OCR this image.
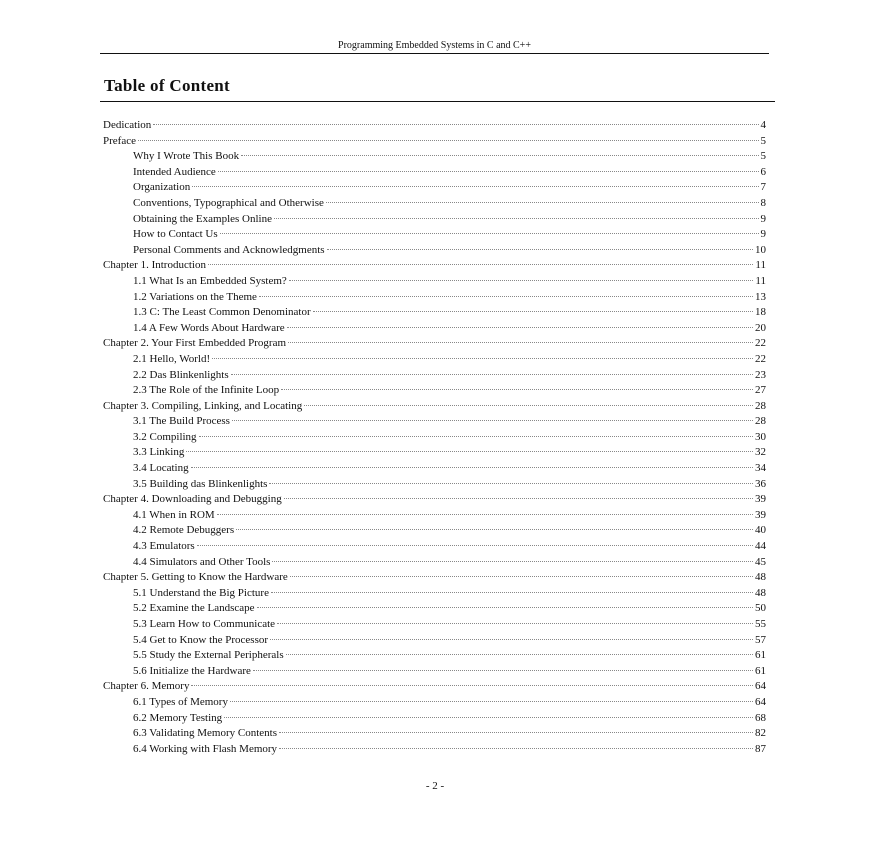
Programming Embedded Systems in C and C++
Table of Content
Dedication	4
Preface	5
Why I Wrote This Book	5
Intended Audience	6
Organization	7
Conventions, Typographical and Otherwise	8
Obtaining the Examples Online	9
How to Contact Us	9
Personal Comments and Acknowledgments	10
Chapter 1. Introduction	11
1.1 What Is an Embedded System?	11
1.2 Variations on the Theme	13
1.3 C: The Least Common Denominator	18
1.4 A Few Words About Hardware	20
Chapter 2. Your First Embedded Program	22
2.1 Hello, World!	22
2.2 Das Blinkenlights	23
2.3 The Role of the Infinite Loop	27
Chapter 3. Compiling, Linking, and Locating	28
3.1 The Build Process	28
3.2 Compiling	30
3.3 Linking	32
3.4 Locating	34
3.5 Building das Blinkenlights	36
Chapter 4. Downloading and Debugging	39
4.1 When in ROM	39
4.2 Remote Debuggers	40
4.3 Emulators	44
4.4 Simulators and Other Tools	45
Chapter 5. Getting to Know the Hardware	48
5.1 Understand the Big Picture	48
5.2 Examine the Landscape	50
5.3 Learn How to Communicate	55
5.4 Get to Know the Processor	57
5.5 Study the External Peripherals	61
5.6 Initialize the Hardware	61
Chapter 6. Memory	64
6.1 Types of Memory	64
6.2 Memory Testing	68
6.3 Validating Memory Contents	82
6.4 Working with Flash Memory	87
- 2 -
